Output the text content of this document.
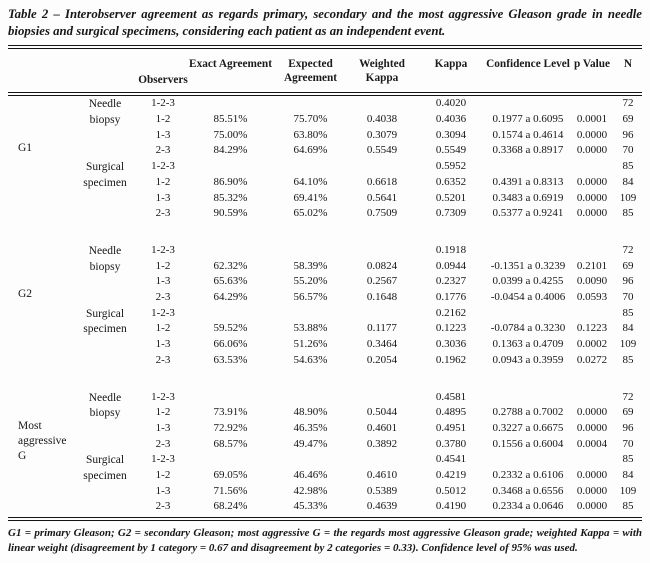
Table 2 – Interobserver agreement as regards primary, secondary and the most aggressive Gleason grade in needle biopsies and surgical specimens, considering each patient as an independent event.
		Observers	Exact Agreement	Expected Agreement	Weighted Kappa	Kappa	Confidence Level	p Value	N
G1	Needle biopsy	1-2-3				0.4020			72
		1-2	85.51%	75.70%	0.4038	0.4036	0.1977 a 0.6095	0.0001	69
		1-3	75.00%	63.80%	0.3079	0.3094	0.1574 a 0.4614	0.0000	96
		2-3	84.29%	64.69%	0.5549	0.5549	0.3368 a 0.8917	0.0000	70
	Surgical specimen	1-2-3				0.5952			85
		1-2	86.90%	64.10%	0.6618	0.6352	0.4391 a 0.8313	0.0000	84
		1-3	85.32%	69.41%	0.5641	0.5201	0.3483 a 0.6919	0.0000	109
		2-3	90.59%	65.02%	0.7509	0.7309	0.5377 a 0.9241	0.0000	85

G2	Needle biopsy	1-2-3				0.1918			72
		1-2	62.32%	58.39%	0.0824	0.0944	-0.1351 a 0.3239	0.2101	69
		1-3	65.63%	55.20%	0.2567	0.2327	0.0399 a 0.4255	0.0090	96
		2-3	64.29%	56.57%	0.1648	0.1776	-0.0454 a 0.4006	0.0593	70
	Surgical specimen	1-2-3				0.2162			85
		1-2	59.52%	53.88%	0.1177	0.1223	-0.0784 a 0.3230	0.1223	84
		1-3	66.06%	51.26%	0.3464	0.3036	0.1363 a 0.4709	0.0002	109
		2-3	63.53%	54.63%	0.2054	0.1962	0.0943 a 0.3959	0.0272	85

Most aggressive G	Needle biopsy	1-2-3				0.4581			72
		1-2	73.91%	48.90%	0.5044	0.4895	0.2788 a 0.7002	0.0000	69
		1-3	72.92%	46.35%	0.4601	0.4951	0.3227 a 0.6675	0.0000	96
		2-3	68.57%	49.47%	0.3892	0.3780	0.1556 a 0.6004	0.0004	70
	Surgical specimen	1-2-3				0.4541			85
		1-2	69.05%	46.46%	0.4610	0.4219	0.2332 a 0.6106	0.0000	84
		1-3	71.56%	42.98%	0.5389	0.5012	0.3468 a 0.6556	0.0000	109
		2-3	68.24%	45.33%	0.4639	0.4190	0.2334 a 0.0646	0.0000	85
G1 = primary Gleason; G2 = secondary Gleason; most aggressive G = the regards most aggressive Gleason grade; weighted Kappa = with linear weight (disagreement by 1 category = 0.67 and disagreement by 2 categories = 0.33). Confidence level of 95% was used.
